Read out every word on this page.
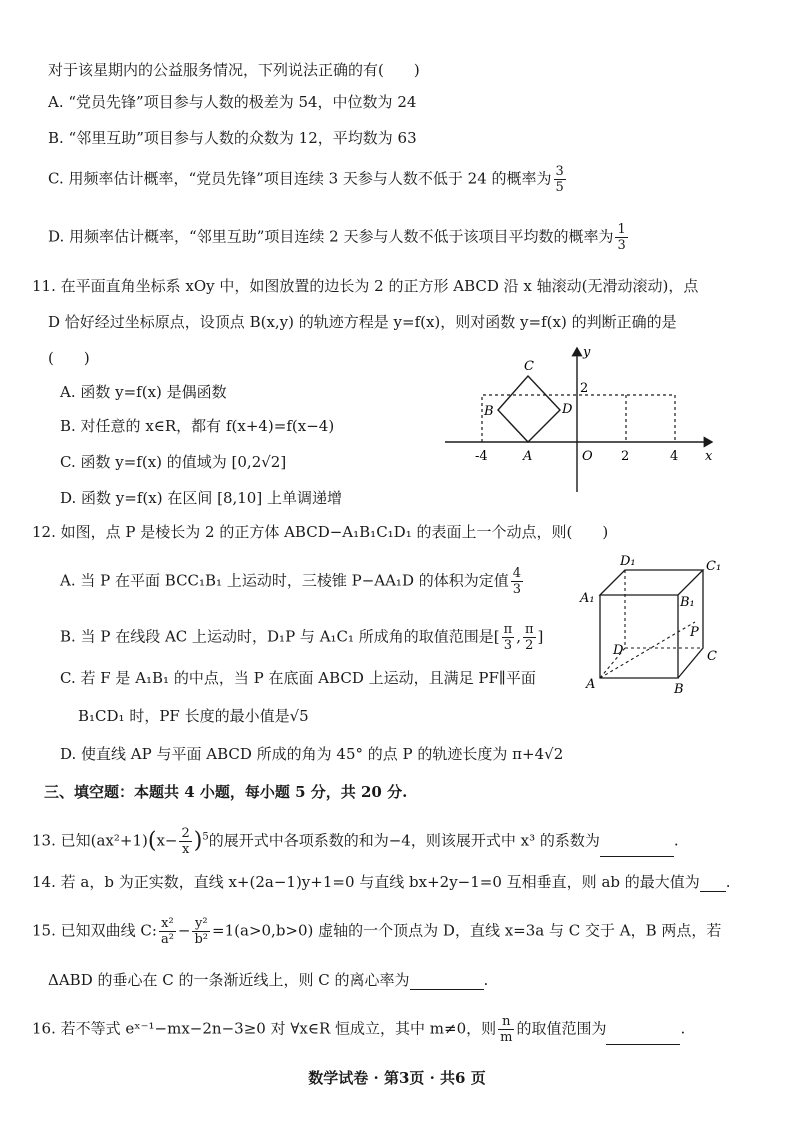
对于该星期内的公益服务情况，下列说法正确的有(　　)
A. “党员先锋”项目参与人数的极差为 54，中位数为 24
B. “邻里互助”项目参与人数的众数为 12，平均数为 63
C. 用频率估计概率，“党员先锋”项目连续 3 天参与人数不低于 24 的概率为 $\frac{3}{5}$
D. 用频率估计概率，“邻里互助”项目连续 2 天参与人数不低于该项目平均数的概率为 $\frac{1}{3}$
11. 在平面直角坐标系 xOy 中，如图放置的边长为 2 的正方形 ABCD 沿 x 轴滚动(无滑动滚动)，点
D 恰好经过坐标原点，设顶点 B(x,y) 的轨迹方程是 y=f(x)，则对函数 y=f(x) 的判断正确的是
(　　)
A. 函数 y=f(x) 是偶函数
B. 对任意的 x∈R，都有 f(x+4)=f(x−4)
C. 函数 y=f(x) 的值域为 [0,2√2]
D. 函数 y=f(x) 在区间 [8,10] 上单调递增
y
x
2
-4	O 2	4
A
B
C
D
12. 如图，点 P 是棱长为 2 的正方体 ABCD−A₁B₁C₁D₁ 的表面上一个动点，则(　　)
A. 当 P 在平面 BCC₁B₁ 上运动时，三棱锥 P−AA₁D 的体积为定值 $\frac{4}{3}$
B. 当 P 在线段 AC 上运动时，D₁P 与 A₁C₁ 所成角的取值范围是[ $\frac{\pi}{3}$ , $\frac{\pi}{2}$ ]
C. 若 F 是 A₁B₁ 的中点，当 P 在底面 ABCD 上运动，且满足 PF∥平面
B₁CD₁ 时，PF 长度的最小值是√5
D. 使直线 AP 与平面 ABCD 所成的角为 45° 的点 P 的轨迹长度为 π+4√2
D₁	C₁
A₁	B₁
P
D	C
A	B
三、填空题：本题共 4 小题，每小题 5 分，共 20 分.
13. 已知$(ax^2+1)(x- \frac{2}{x} )^5$的展开式中各项系数的和为−4，则该展开式中 x³ 的系数为	.
14. 若 a，b 为正实数，直线 x+(2a−1)y+1=0 与直线 bx+2y−1=0 互相垂直，则 ab 的最大值为 .
15. 已知双曲线 C: $\frac{\text{x²}}{\text{a²}} - \frac{\text{y²}}{\text{b²}} =1(a>0,b>0)$ 虚轴的一个顶点为 D，直线 x=3a 与 C 交于 A，B 两点，若
ΔABD 的垂心在 C 的一条渐近线上，则 C 的离心率为	.
16. 若不等式 eˣ⁻¹−mx−2n−3≥0 对 ∀x∈R 恒成立，其中 m≠0，则 $\frac{n}{m}$ 的取值范围为	.
数学试卷 · 第3页 · 共6 页
